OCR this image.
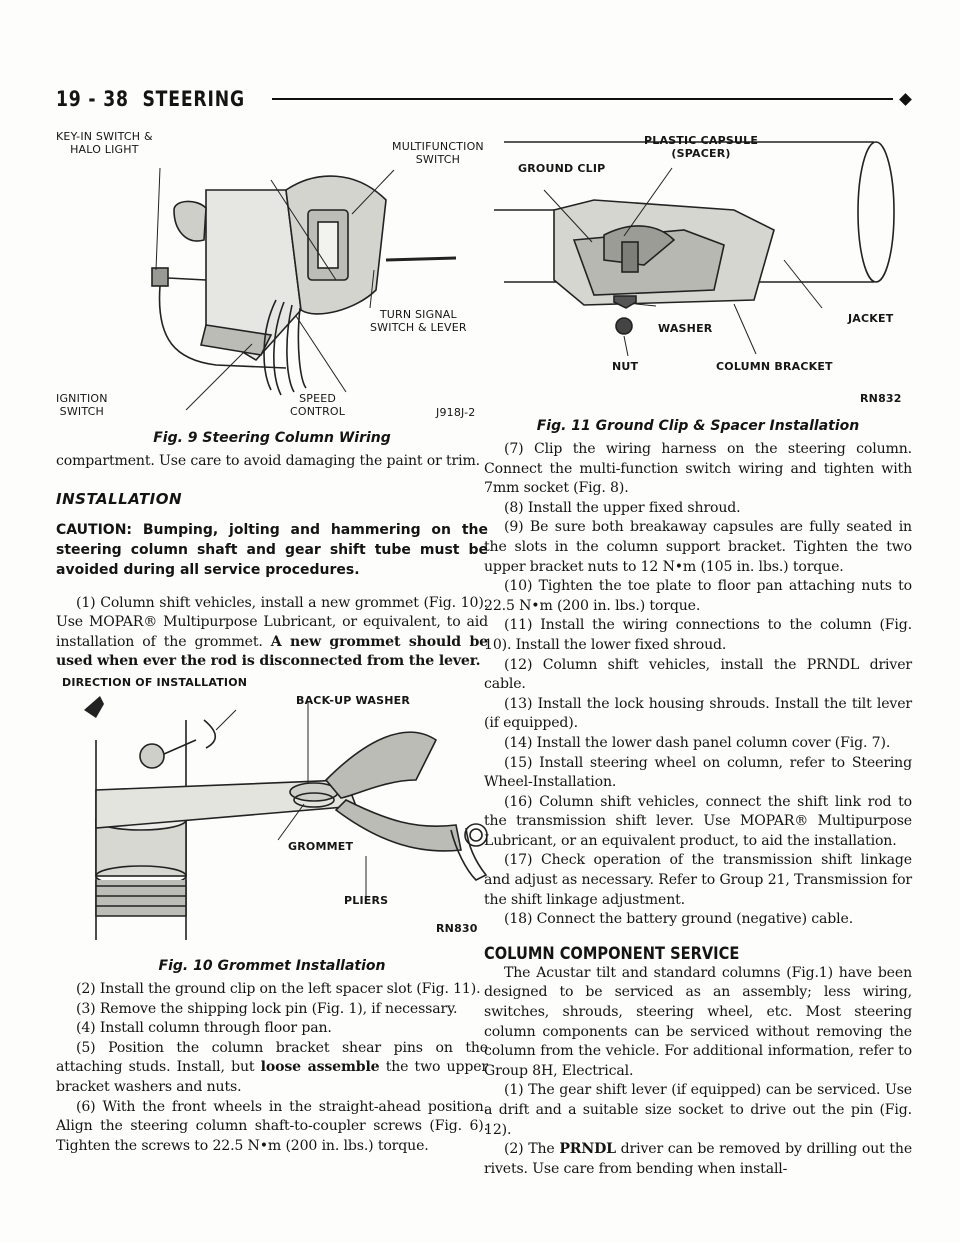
19 - 38 STEERING
KEY-IN SWITCH &
HALO LIGHT	MULTIFUNCTION
SWITCH
TURN SIGNAL
SWITCH & LEVER
IGNITION
SWITCH
SPEED
CONTROL	J918J-2
Fig. 9 Steering Column Wiring

compartment. Use care to avoid damaging the paint or trim.

INSTALLATION
CAUTION: Bumping, jolting and hammering on the steering column shaft and gear shift tube must be avoided during all service procedures.

(1) Column shift vehicles, install a new grommet (Fig. 10). Use MOPAR® Multipurpose Lubricant, or equivalent, to aid installation of the grommet. A new grommet should be used when ever the rod is disconnected from the lever.

DIRECTION OF INSTALLATION
BACK-UP WASHER
GROMMET
PLIERS
RN830
Fig. 10 Grommet Installation

(2) Install the ground clip on the left spacer slot (Fig. 11).

(3) Remove the shipping lock pin (Fig. 1), if necessary.

(4) Install column through floor pan.

(5) Position the column bracket shear pins on the attaching studs. Install, but loose assemble the two upper bracket washers and nuts.

(6) With the front wheels in the straight-ahead position. Align the steering column shaft-to-coupler screws (Fig. 6). Tighten the screws to 22.5 N•m (200 in. lbs.) torque.

PLASTIC CAPSULE
(SPACER)
GROUND CLIP
WASHER
JACKET
NUT	COLUMN BRACKET
RN832
Fig. 11 Ground Clip & Spacer Installation

(7) Clip the wiring harness on the steering column. Connect the multi-function switch wiring and tighten with 7mm socket (Fig. 8).

(8) Install the upper fixed shroud.

(9) Be sure both breakaway capsules are fully seated in the slots in the column support bracket. Tighten the two upper bracket nuts to 12 N•m (105 in. lbs.) torque.

(10) Tighten the toe plate to floor pan attaching nuts to 22.5 N•m (200 in. lbs.) torque.

(11) Install the wiring connections to the column (Fig. 10). Install the lower fixed shroud.

(12) Column shift vehicles, install the PRNDL driver cable.

(13) Install the lock housing shrouds. Install the tilt lever (if equipped).

(14) Install the lower dash panel column cover (Fig. 7).

(15) Install steering wheel on column, refer to Steering Wheel-Installation.

(16) Column shift vehicles, connect the shift link rod to the transmission shift lever. Use MOPAR® Multipurpose Lubricant, or an equivalent product, to aid the installation.

(17) Check operation of the transmission shift linkage and adjust as necessary. Refer to Group 21, Transmission for the shift linkage adjustment.

(18) Connect the battery ground (negative) cable.

COLUMN COMPONENT SERVICE

The Acustar tilt and standard columns (Fig.1) have been designed to be serviced as an assembly; less wiring, switches, shrouds, steering wheel, etc. Most steering column components can be serviced without removing the column from the vehicle. For additional information, refer to Group 8H, Electrical.

(1) The gear shift lever (if equipped) can be serviced. Use a drift and a suitable size socket to drive out the pin (Fig. 12).

(2) The PRNDL driver can be removed by drilling out the rivets. Use care from bending when install-
